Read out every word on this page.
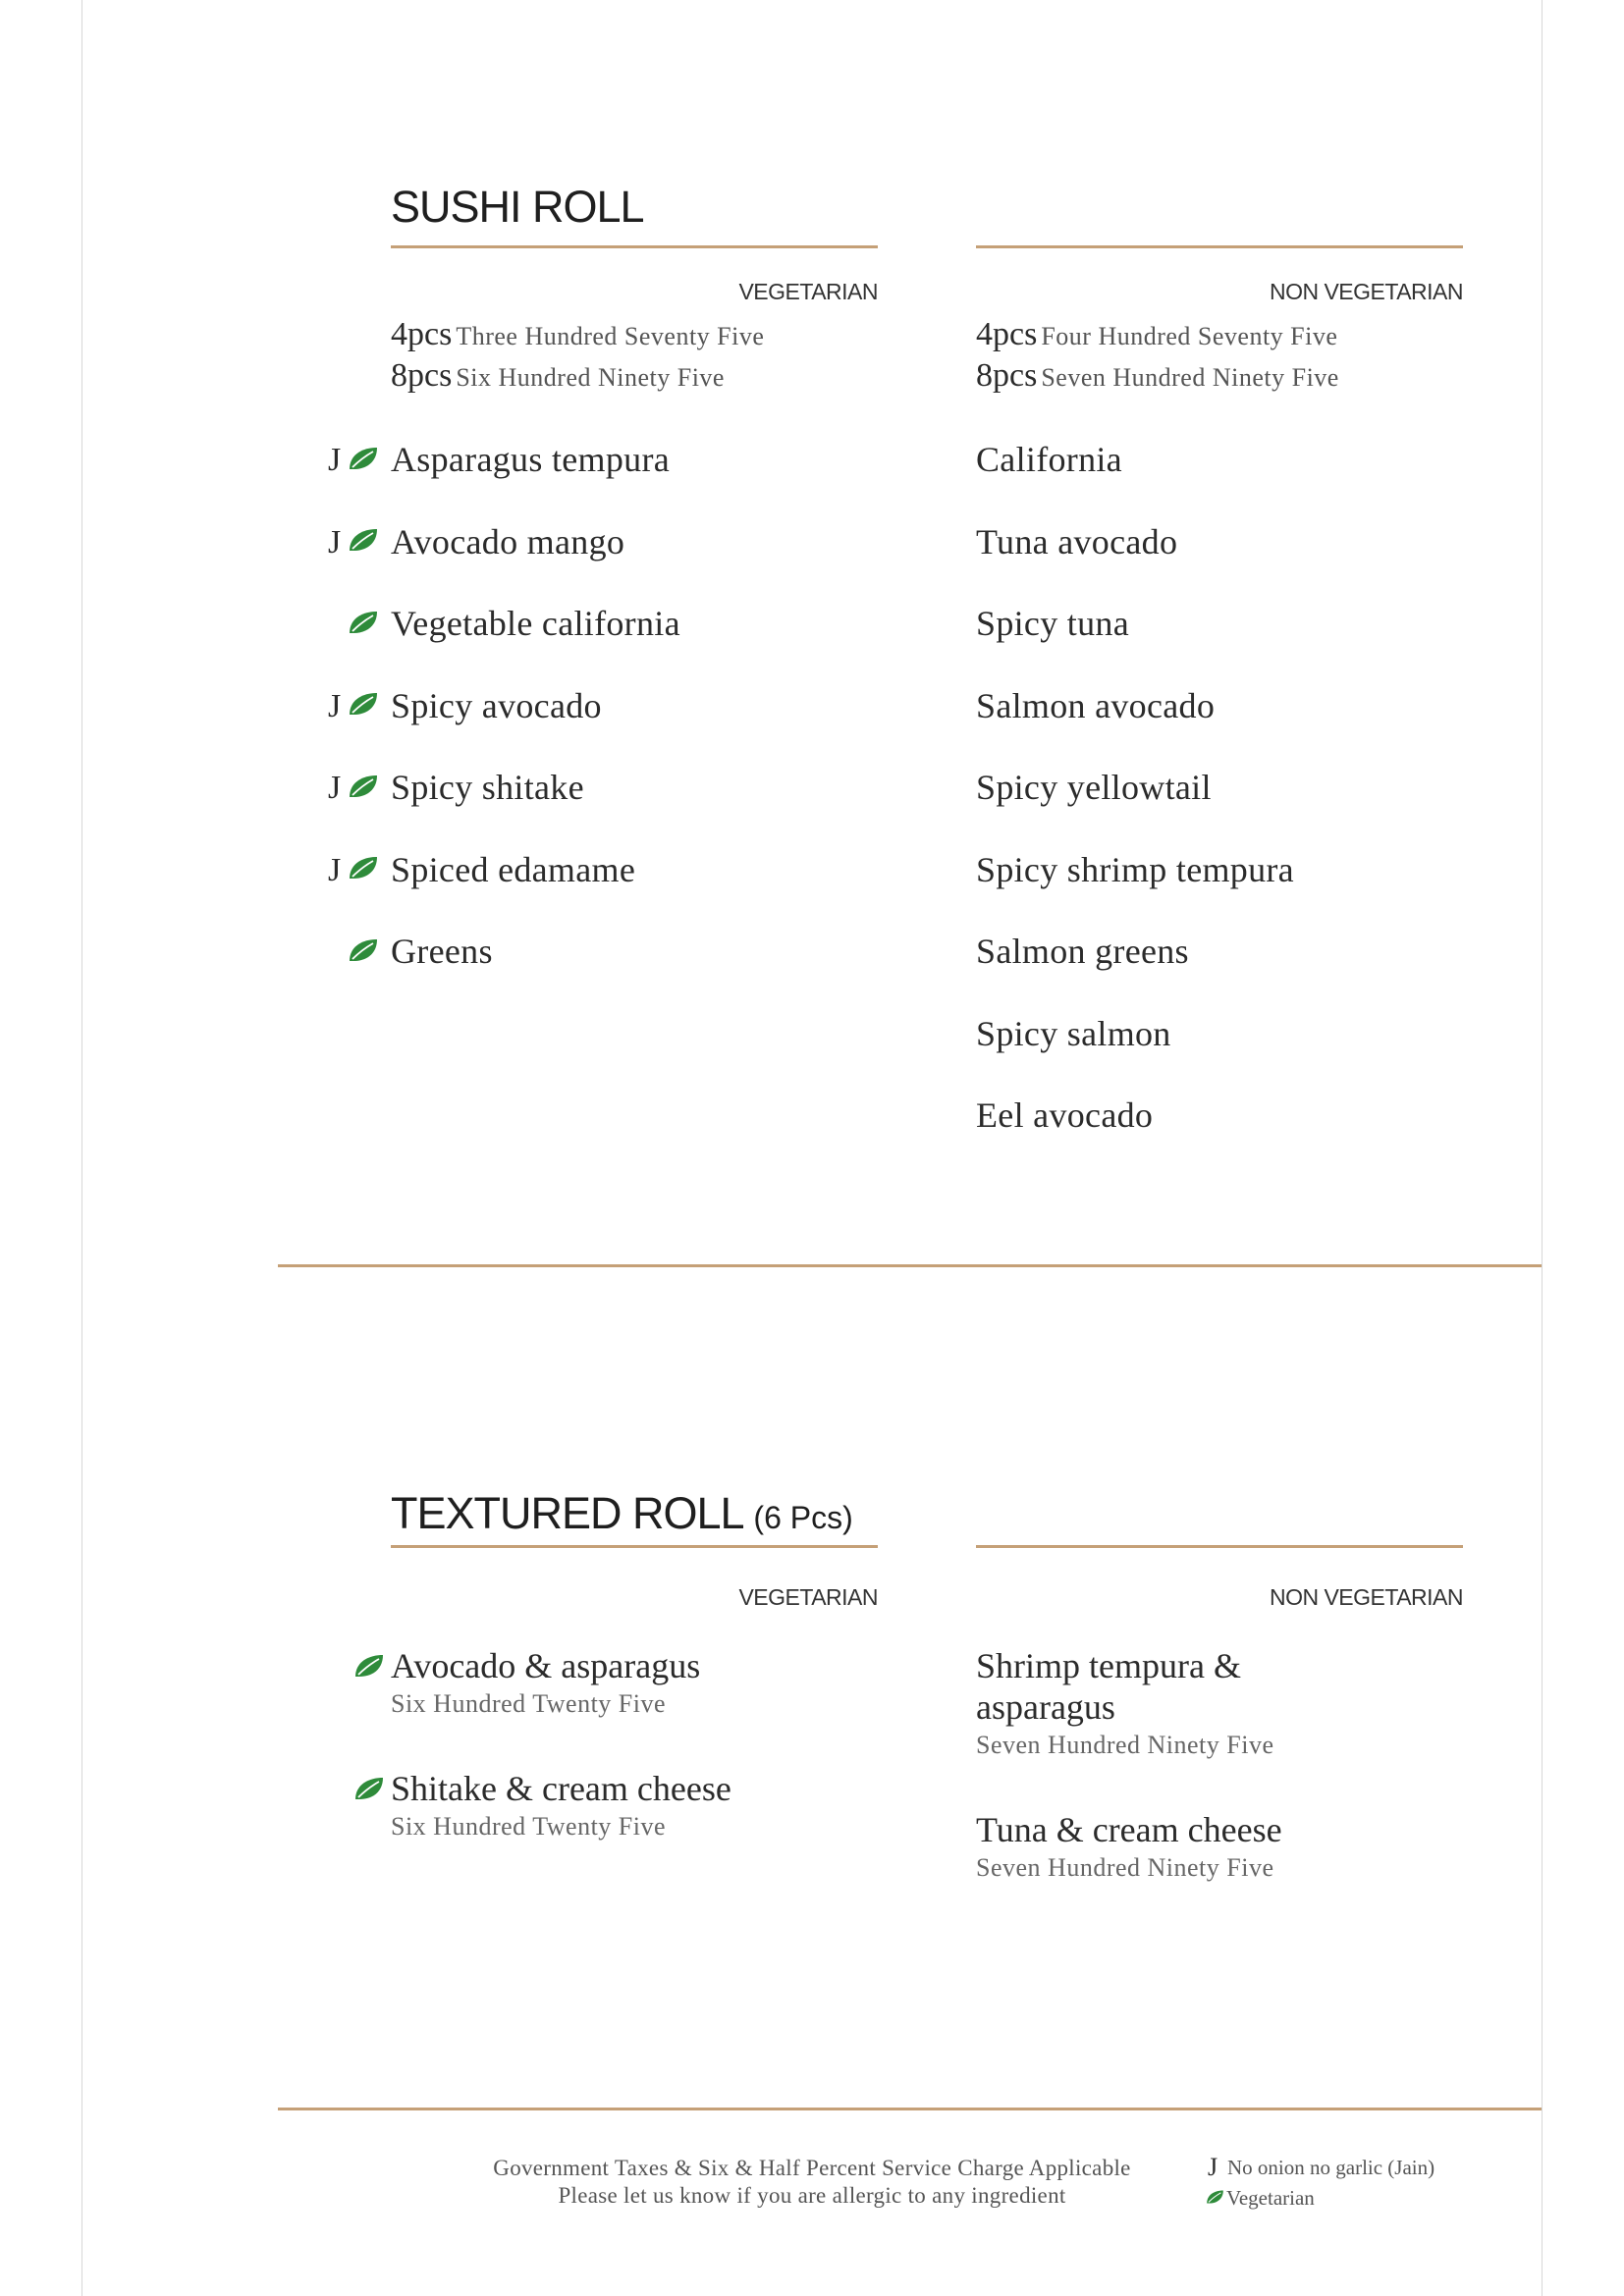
SUSHI ROLL
VEGETARIAN	NON VEGETARIAN
4pcs Three Hundred Seventy Five
8pcs Six Hundred Ninety Five
4pcs Four Hundred Seventy Five
8pcs Seven Hundred Ninety Five
J Asparagus tempura
J Avocado mango
Vegetable california
J Spicy avocado
J Spicy shitake
J Spiced edamame
Greens
California
Tuna avocado
Spicy tuna
Salmon avocado
Spicy yellowtail
Spicy shrimp tempura
Salmon greens
Spicy salmon
Eel avocado
TEXTURED ROLL (6 Pcs)
VEGETARIAN	NON VEGETARIAN
Avocado & asparagus
Six Hundred Twenty Five
Shitake & cream cheese
Six Hundred Twenty Five
Shrimp tempura & asparagus
Seven Hundred Ninety Five
Tuna & cream cheese
Seven Hundred Ninety Five
Government Taxes & Six & Half Percent Service Charge Applicable
Please let us know if you are allergic to any ingredient
J No onion no garlic (Jain)
Vegetarian
